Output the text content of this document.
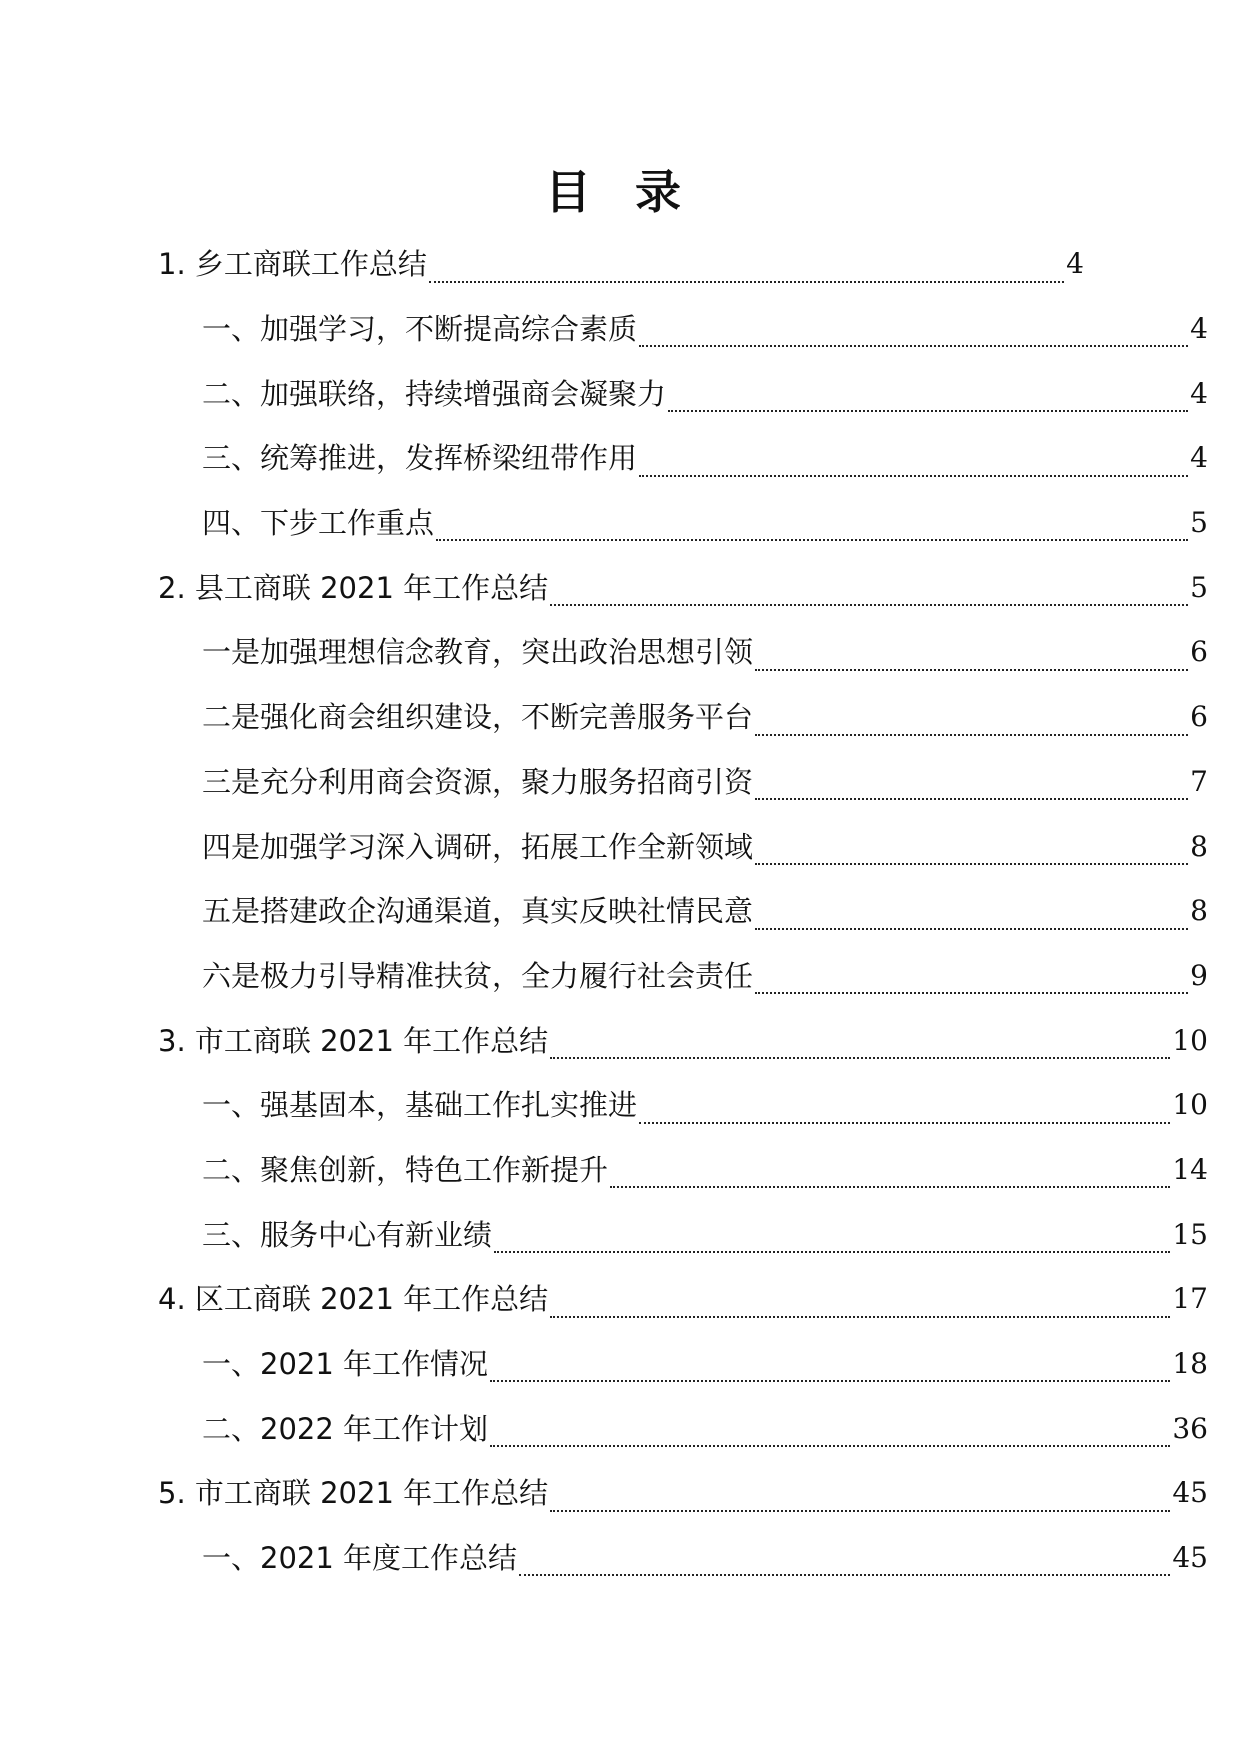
目 录
1. 乡工商联工作总结	4
一、加强学习，不断提高综合素质	4
二、加强联络，持续增强商会凝聚力	4
三、统筹推进，发挥桥梁纽带作用	4
四、下步工作重点	5
2. 县工商联 2021 年工作总结	5
一是加强理想信念教育，突出政治思想引领	6
二是强化商会组织建设，不断完善服务平台	6
三是充分利用商会资源，聚力服务招商引资	7
四是加强学习深入调研，拓展工作全新领域	8
五是搭建政企沟通渠道，真实反映社情民意	8
六是极力引导精准扶贫，全力履行社会责任	9
3. 市工商联 2021 年工作总结	10
一、强基固本，基础工作扎实推进	10
二、聚焦创新，特色工作新提升	14
三、服务中心有新业绩	15
4. 区工商联 2021 年工作总结	17
一、2021 年工作情况	18
二、2022 年工作计划	36
5. 市工商联 2021 年工作总结	45
一、2021 年度工作总结	45
